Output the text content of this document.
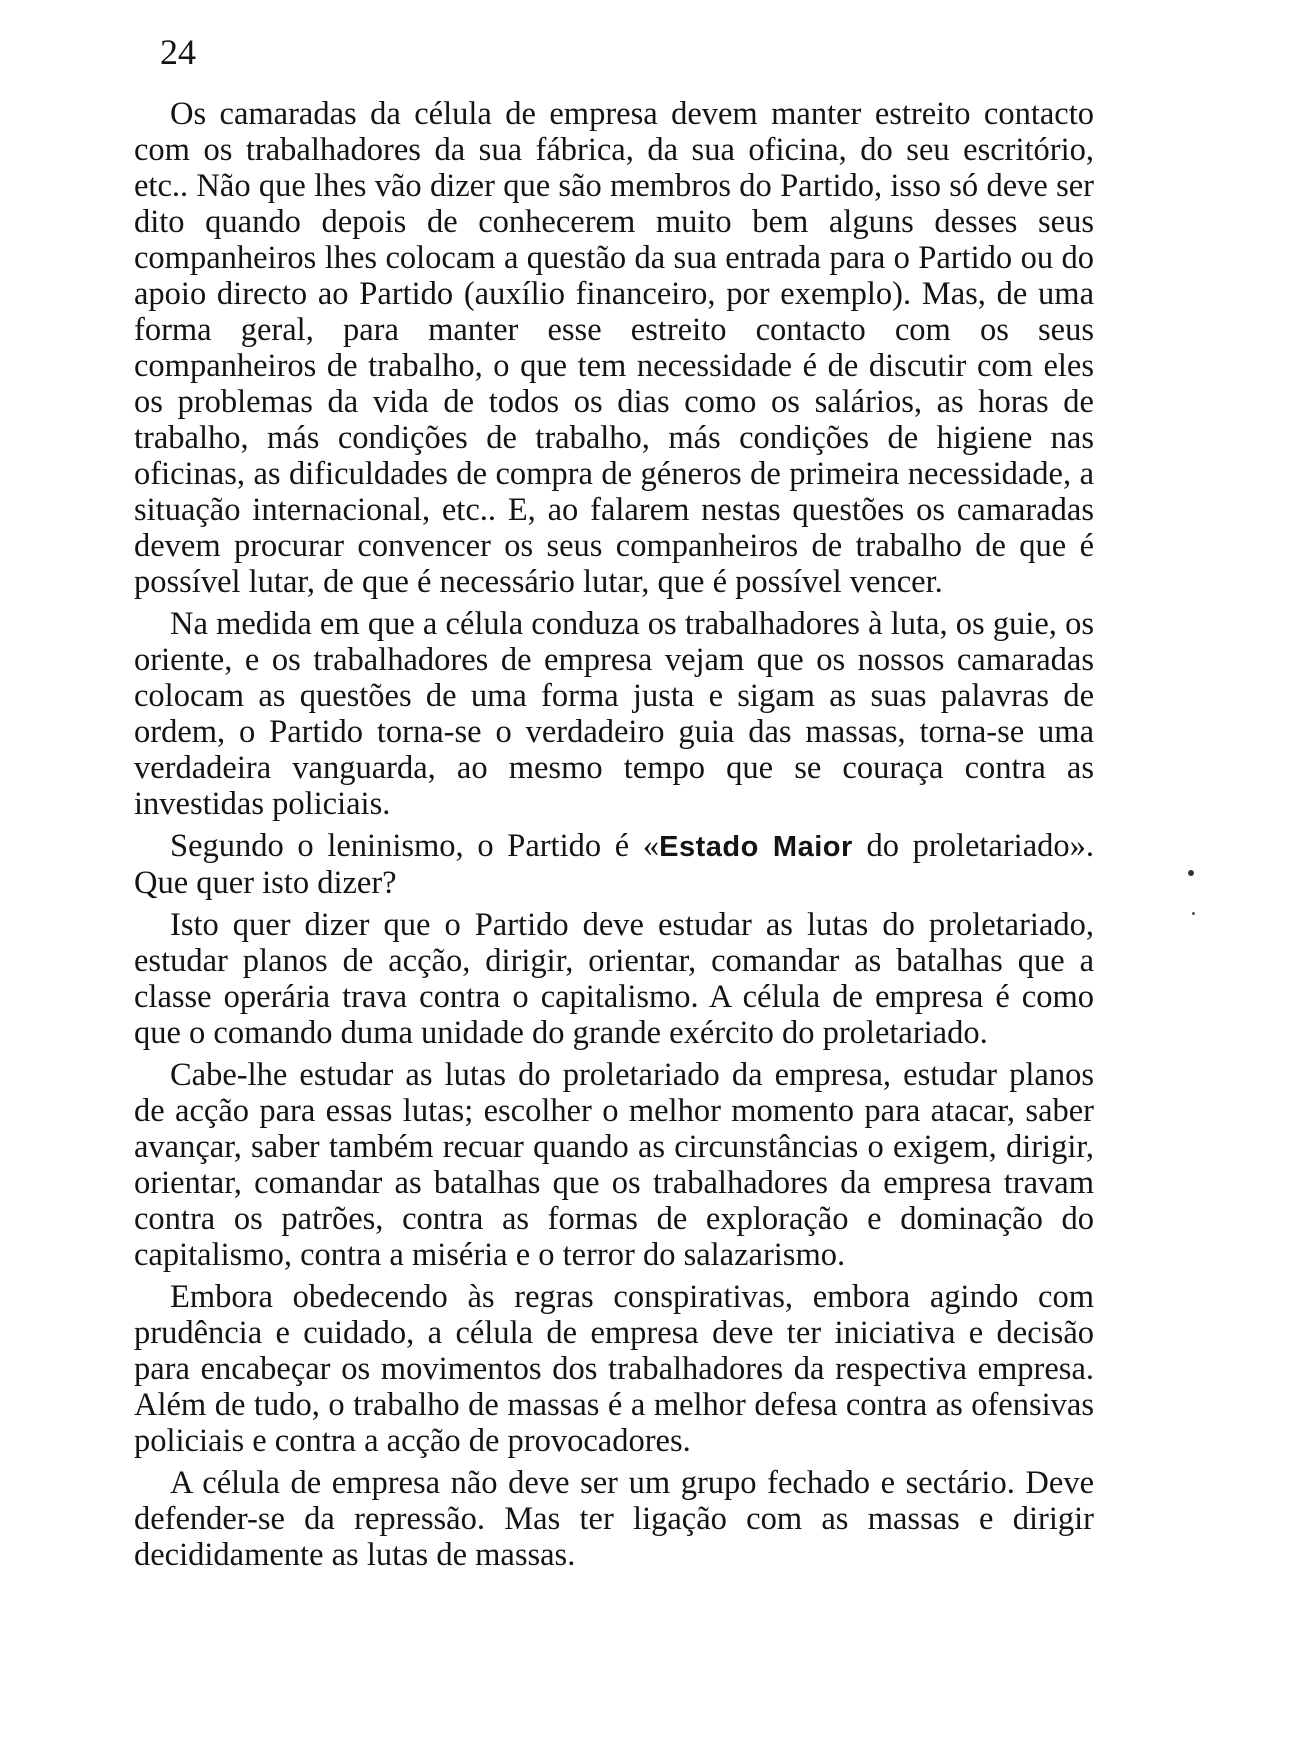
24

Os camaradas da célula de empresa devem manter estreito contacto com os trabalhadores da sua fábrica, da sua oficina, do seu escritório, etc.. Não que lhes vão dizer que são membros do Partido, isso só deve ser dito quando depois de conhecerem muito bem alguns desses seus companheiros lhes colocam a questão da sua entrada para o Partido ou do apoio directo ao Partido (auxílio financeiro, por exemplo). Mas, de uma forma geral, para manter esse estreito contacto com os seus companheiros de trabalho, o que tem necessidade é de discutir com eles os problemas da vida de todos os dias como os salários, as horas de trabalho, más condições de trabalho, más condições de higiene nas oficinas, as dificuldades de compra de géneros de primeira necessidade, a situação internacional, etc.. E, ao falarem nestas questões os camaradas devem procurar convencer os seus companheiros de trabalho de que é possível lutar, de que é necessário lutar, que é possível vencer.

Na medida em que a célula conduza os trabalhadores à luta, os guie, os oriente, e os trabalhadores de empresa vejam que os nossos camaradas colocam as questões de uma forma justa e sigam as suas palavras de ordem, o Partido torna-se o verdadeiro guia das massas, torna-se uma verdadeira vanguarda, ao mesmo tempo que se couraça contra as investidas policiais.

Segundo o leninismo, o Partido é «Estado Maior do proletariado». Que quer isto dizer?

Isto quer dizer que o Partido deve estudar as lutas do proletariado, estudar planos de acção, dirigir, orientar, comandar as batalhas que a classe operária trava contra o capitalismo. A célula de empresa é como que o comando duma unidade do grande exército do proletariado.

Cabe-lhe estudar as lutas do proletariado da empresa, estudar planos de acção para essas lutas; escolher o melhor momento para atacar, saber avançar, saber também recuar quando as circunstâncias o exigem, dirigir, orientar, comandar as batalhas que os trabalhadores da empresa travam contra os patrões, contra as formas de exploração e dominação do capitalismo, contra a miséria e o terror do salazarismo.

Embora obedecendo às regras conspirativas, embora agindo com prudência e cuidado, a célula de empresa deve ter iniciativa e decisão para encabeçar os movimentos dos trabalhadores da respectiva empresa. Além de tudo, o trabalho de massas é a melhor defesa contra as ofensivas policiais e contra a acção de provocadores.

A célula de empresa não deve ser um grupo fechado e sectário. Deve defender-se da repressão. Mas ter ligação com as massas e dirigir decididamente as lutas de massas.
